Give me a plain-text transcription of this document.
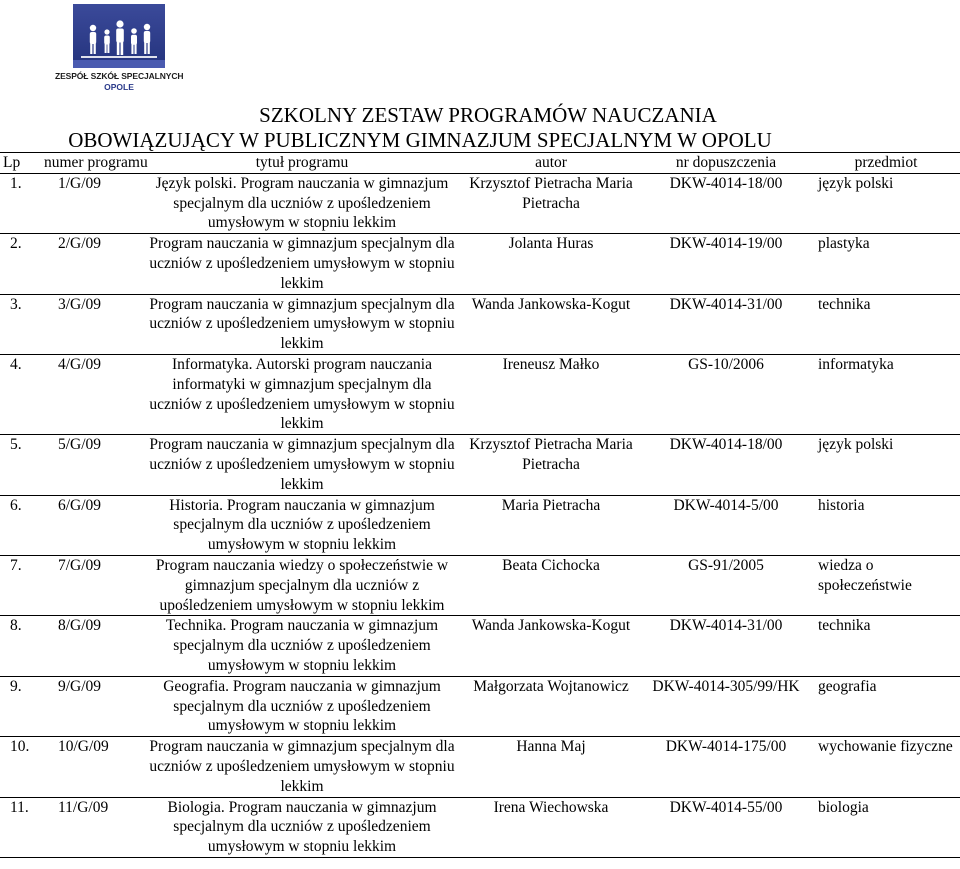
ZESPÓŁ SZKÓŁ SPECJALNYCH
OPOLE
SZKOLNY ZESTAW PROGRAMÓW NAUCZANIA
OBOWIĄZUJĄCY W PUBLICZNYM GIMNAZJUM SPECJALNYM W OPOLU
Lp	numer programu	tytuł programu	autor	nr dopuszczenia	przedmiot
1.	1/G/09	Język polski. Program nauczania w gimnazjum specjalnym dla uczniów z upośledzeniem umysłowym w stopniu lekkim	Krzysztof Pietracha Maria Pietracha	DKW-4014-18/00	język polski
2.	2/G/09	Program nauczania w gimnazjum specjalnym dla uczniów z upośledzeniem umysłowym w stopniu lekkim	Jolanta Huras	DKW-4014-19/00	plastyka
3.	3/G/09	Program nauczania w gimnazjum specjalnym dla uczniów z upośledzeniem umysłowym w stopniu lekkim	Wanda Jankowska-Kogut	DKW-4014-31/00	technika
4.	4/G/09	Informatyka. Autorski program nauczania informatyki w gimnazjum specjalnym dla uczniów z upośledzeniem umysłowym w stopniu lekkim	Ireneusz Małko	GS-10/2006	informatyka
5.	5/G/09	Program nauczania w gimnazjum specjalnym dla uczniów z upośledzeniem umysłowym w stopniu lekkim	Krzysztof Pietracha Maria Pietracha	DKW-4014-18/00	język polski
6.	6/G/09	Historia. Program nauczania w gimnazjum specjalnym dla uczniów z upośledzeniem umysłowym w stopniu lekkim	Maria Pietracha	DKW-4014-5/00	historia
7.	7/G/09	Program nauczania wiedzy o społeczeństwie w gimnazjum specjalnym dla uczniów z upośledzeniem umysłowym w stopniu lekkim	Beata Cichocka	GS-91/2005	wiedza o społeczeństwie
8.	8/G/09	Technika. Program nauczania w gimnazjum specjalnym dla uczniów z upośledzeniem umysłowym w stopniu lekkim	Wanda Jankowska-Kogut	DKW-4014-31/00	technika
9.	9/G/09	Geografia. Program nauczania w gimnazjum specjalnym dla uczniów z upośledzeniem umysłowym w stopniu lekkim	Małgorzata Wojtanowicz	DKW-4014-305/99/HK	geografia
10.	10/G/09	Program nauczania w gimnazjum specjalnym dla uczniów z upośledzeniem umysłowym w stopniu lekkim	Hanna Maj	DKW-4014-175/00	wychowanie fizyczne
11.	11/G/09	Biologia. Program nauczania w gimnazjum specjalnym dla uczniów z upośledzeniem umysłowym w stopniu lekkim	Irena Wiechowska	DKW-4014-55/00	biologia
